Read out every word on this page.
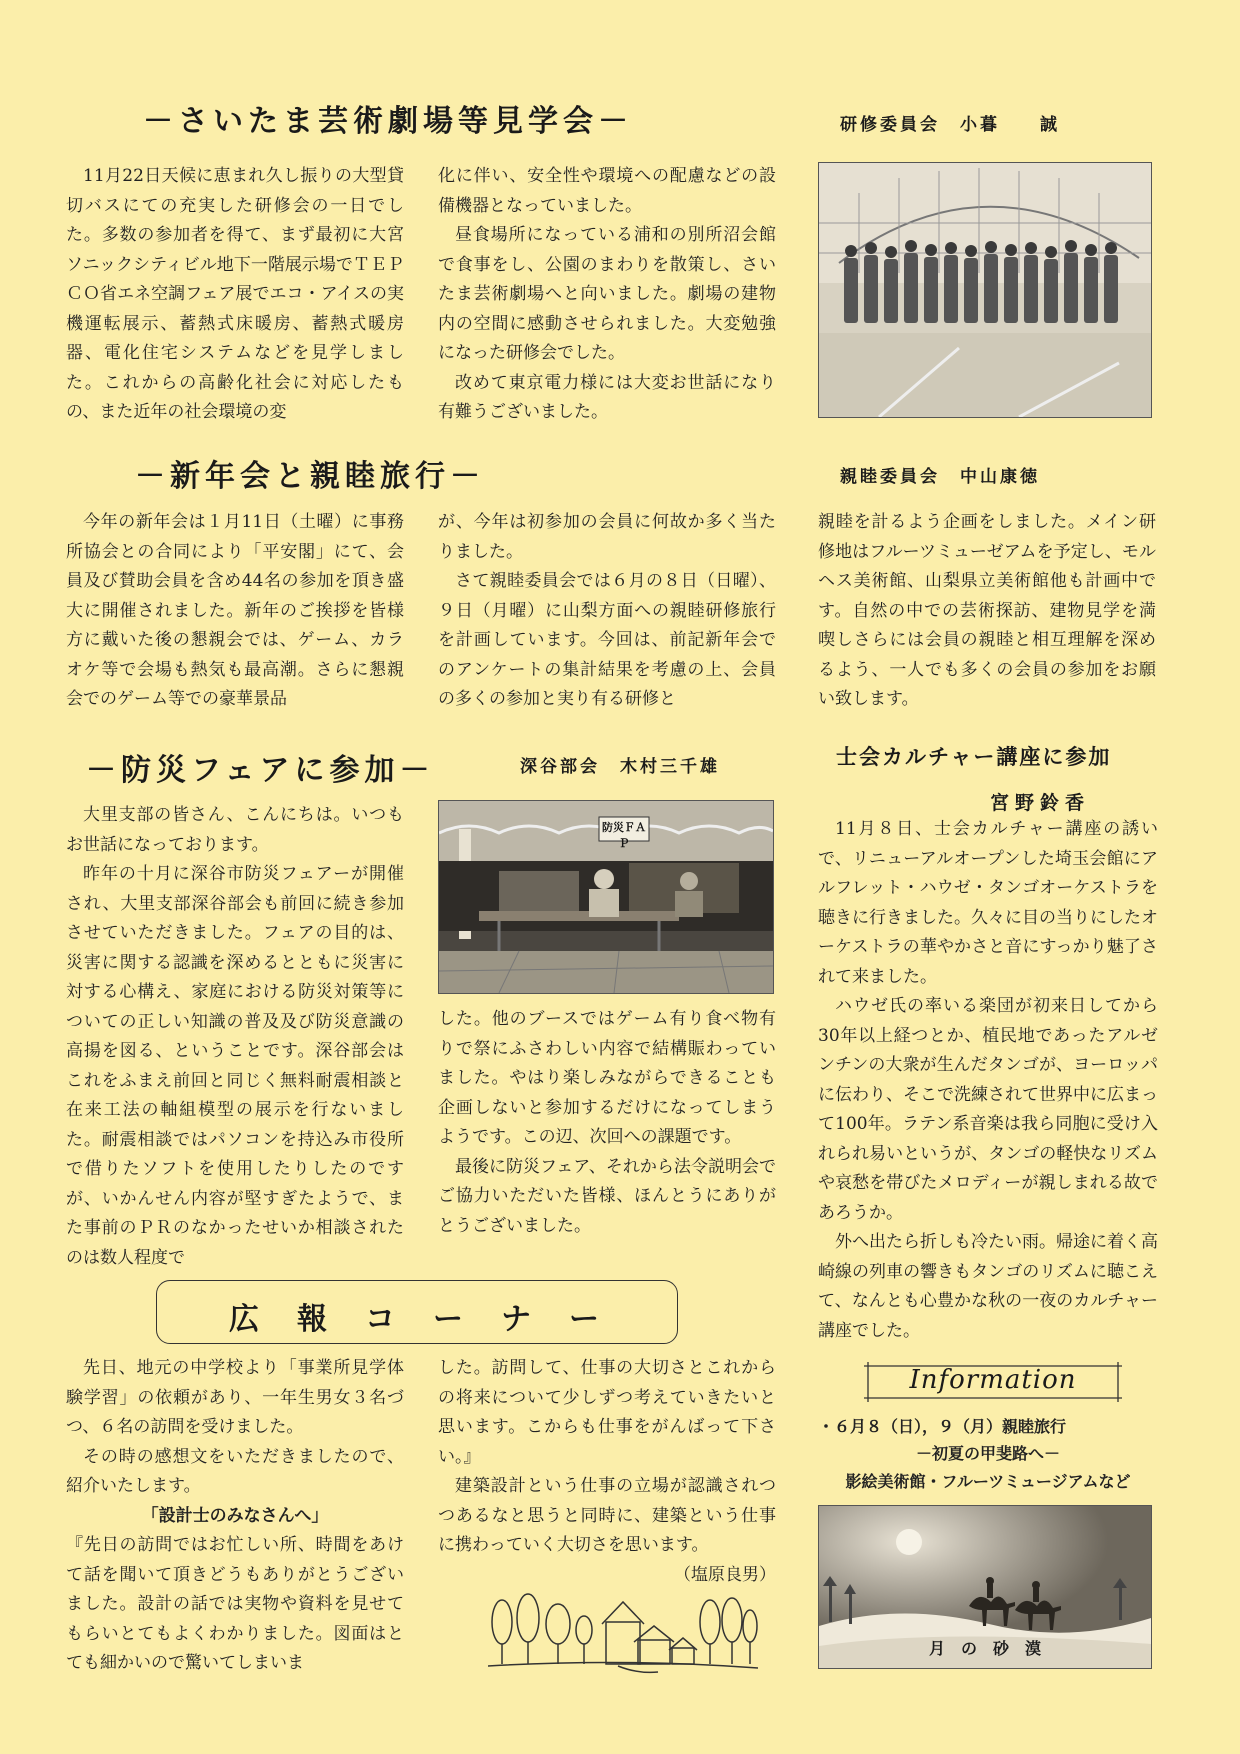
－さいたま芸術劇場等見学会－	研修委員会　小暮　　誠

11月22日天候に恵まれ久し振りの大型貸切バスにての充実した研修会の一日でした。多数の参加者を得て、まず最初に大宮ソニックシティビル地下一階展示場でＴＥＰＣＯ省エネ空調フェア展でエコ・アイスの実機運転展示、蓄熱式床暖房、蓄熱式暖房器、電化住宅システムなどを見学しました。これからの高齢化社会に対応したもの、また近年の社会環境の変

化に伴い、安全性や環境への配慮などの設備機器となっていました。

昼食場所になっている浦和の別所沼会館で食事をし、公園のまわりを散策し、さいたま芸術劇場へと向いました。劇場の建物内の空間に感動させられました。大変勉強になった研修会でした。

改めて東京電力様には大変お世話になり有難うございました。

－新年会と親睦旅行－	親睦委員会　中山康徳

今年の新年会は１月11日（土曜）に事務所協会との合同により「平安閣」にて、会員及び賛助会員を含め44名の参加を頂き盛大に開催されました。新年のご挨拶を皆様方に戴いた後の懇親会では、ゲーム、カラオケ等で会場も熱気も最高潮。さらに懇親会でのゲーム等での豪華景品

が、今年は初参加の会員に何故か多く当たりました。

さて親睦委員会では６月の８日（日曜）、９日（月曜）に山梨方面への親睦研修旅行を計画しています。今回は、前記新年会でのアンケートの集計結果を考慮の上、会員の多くの参加と実り有る研修と

親睦を計るよう企画をしました。メイン研修地はフルーツミューゼアムを予定し、モルヘス美術館、山梨県立美術館他も計画中です。自然の中での芸術探訪、建物見学を満喫しさらには会員の親睦と相互理解を深めるよう、一人でも多くの会員の参加をお願い致します。

－防災フェアに参加－	深谷部会　木村三千雄

大里支部の皆さん、こんにちは。いつもお世話になっております。

昨年の十月に深谷市防災フェアーが開催され、大里支部深谷部会も前回に続き参加させていただきました。フェアの目的は、災害に関する認識を深めるとともに災害に対する心構え、家庭における防災対策等についての正しい知識の普及及び防災意識の高揚を図る、ということです。深谷部会はこれをふまえ前回と同じく無料耐震相談と在来工法の軸組模型の展示を行ないました。耐震相談ではパソコンを持込み市役所で借りたソフトを使用したりしたのですが、いかんせん内容が堅すぎたようで、また事前のＰＲのなかったせいか相談されたのは数人程度で

防災ＦＡＰ

した。他のブースではゲーム有り食べ物有りで祭にふさわしい内容で結構賑わっていました。やはり楽しみながらできることも企画しないと参加するだけになってしまうようです。この辺、次回への課題です。

最後に防災フェア、それから法令説明会でご協力いただいた皆様、ほんとうにありがとうございました。

士会カルチャー講座に参加
宮野鈴香

11月８日、士会カルチャー講座の誘いで、リニューアルオープンした埼玉会館にアルフレット・ハウゼ・タンゴオーケストラを聴きに行きました。久々に目の当りにしたオーケストラの華やかさと音にすっかり魅了されて来ました。

ハウゼ氏の率いる楽団が初来日してから30年以上経つとか、植民地であったアルゼンチンの大衆が生んだタンゴが、ヨーロッパに伝わり、そこで洗練されて世界中に広まって100年。ラテン系音楽は我ら同胞に受け入れられ易いというが、タンゴの軽快なリズムや哀愁を帯びたメロディーが親しまれる故であろうか。

外へ出たら折しも冷たい雨。帰途に着く高崎線の列車の響きもタンゴのリズムに聴こえて、なんとも心豊かな秋の一夜のカルチャー講座でした。

広　報　コ　ー　ナ　ー

先日、地元の中学校より「事業所見学体験学習」の依頼があり、一年生男女３名づつ、６名の訪問を受けました。

その時の感想文をいただきましたので、紹介いたします。

「設計士のみなさんへ」

『先日の訪問ではお忙しい所、時間をあけて話を聞いて頂きどうもありがとうございました。設計の話では実物や資料を見せてもらいとてもよくわかりました。図面はとても細かいので驚いてしまいま

した。訪問して、仕事の大切さとこれからの将来について少しずつ考えていきたいと思います。こからも仕事をがんばって下さい。』

建築設計という仕事の立場が認識されつつあるなと思うと同時に、建築という仕事に携わっていく大切さを思います。

（塩原良男）

Information
・６月８（日），９（月）親睦旅行
－初夏の甲斐路へ－
影絵美術館・フルーツミュージアムなど
月　の　砂　漠
